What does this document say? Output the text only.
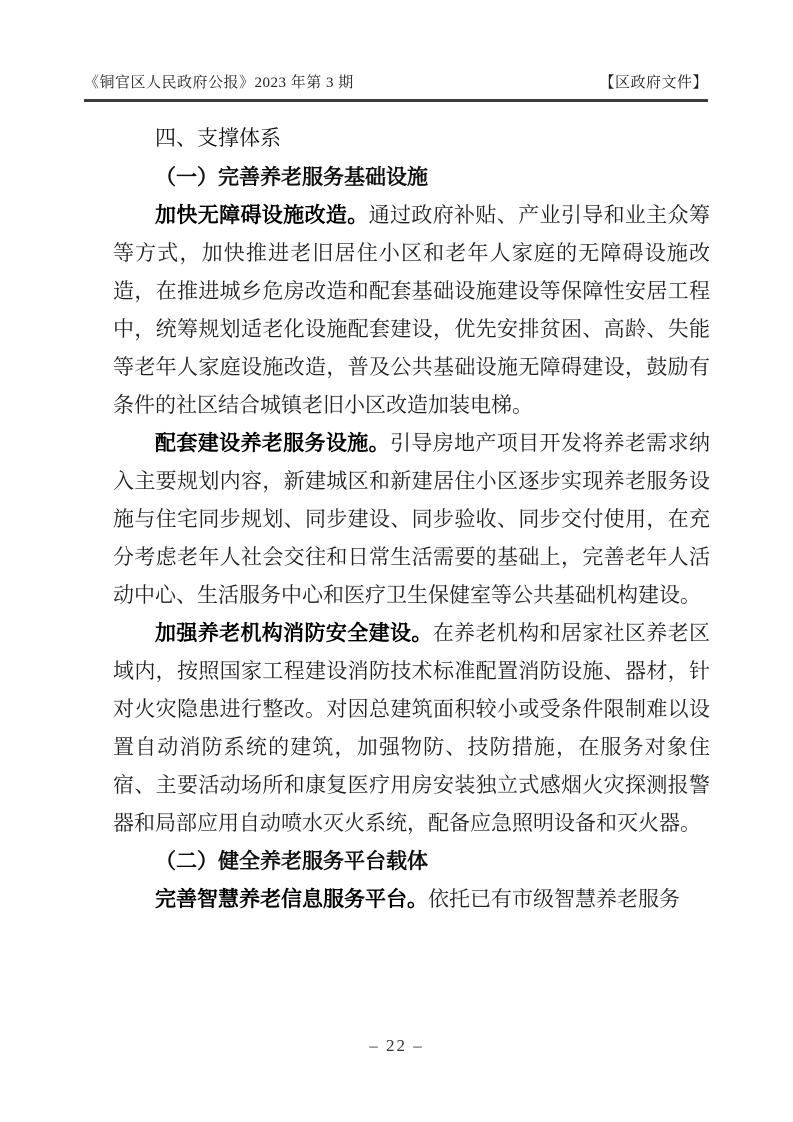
《铜官区人民政府公报》2023 年第 3 期	【区政府文件】

四、支撑体系

（一）完善养老服务基础设施

加快无障碍设施改造。通过政府补贴、产业引导和业主众筹等方式，加快推进老旧居住小区和老年人家庭的无障碍设施改造，在推进城乡危房改造和配套基础设施建设等保障性安居工程中，统筹规划适老化设施配套建设，优先安排贫困、高龄、失能等老年人家庭设施改造，普及公共基础设施无障碍建设，鼓励有条件的社区结合城镇老旧小区改造加装电梯。

配套建设养老服务设施。引导房地产项目开发将养老需求纳入主要规划内容，新建城区和新建居住小区逐步实现养老服务设施与住宅同步规划、同步建设、同步验收、同步交付使用，在充分考虑老年人社会交往和日常生活需要的基础上，完善老年人活动中心、生活服务中心和医疗卫生保健室等公共基础机构建设。

加强养老机构消防安全建设。在养老机构和居家社区养老区域内，按照国家工程建设消防技术标准配置消防设施、器材，针对火灾隐患进行整改。对因总建筑面积较小或受条件限制难以设置自动消防系统的建筑，加强物防、技防措施，在服务对象住宿、主要活动场所和康复医疗用房安装独立式感烟火灾探测报警器和局部应用自动喷水灭火系统，配备应急照明设备和灭火器。

（二）健全养老服务平台载体

完善智慧养老信息服务平台。依托已有市级智慧养老服务

– 22 –
